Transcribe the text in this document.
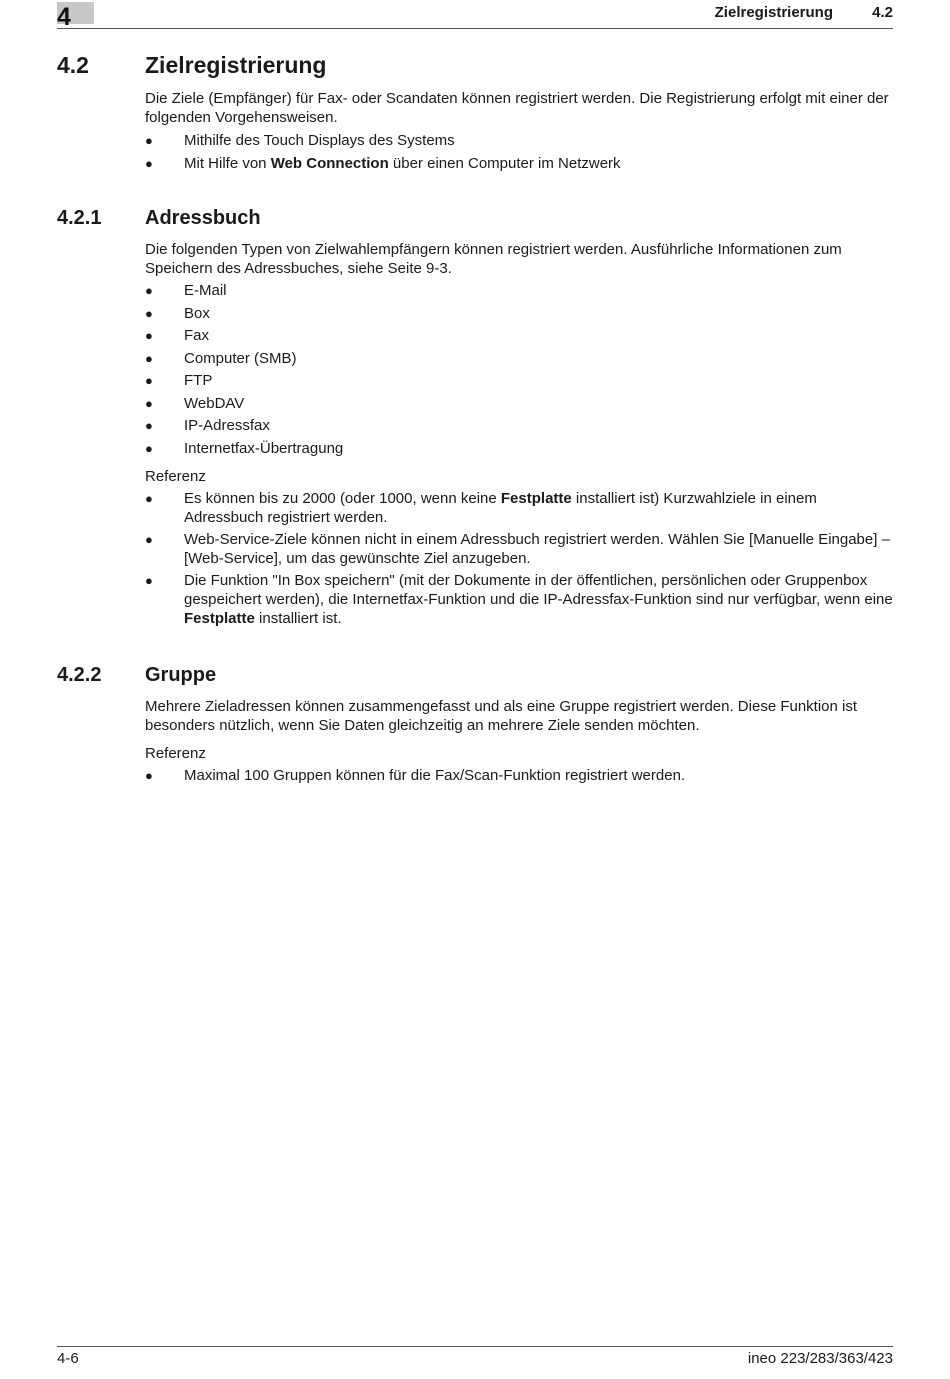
4	Zielregistrierung	4.2
4.2 Zielregistrierung
Die Ziele (Empfänger) für Fax- oder Scandaten können registriert werden. Die Registrierung erfolgt mit einer der folgenden Vorgehensweisen.
● Mithilfe des Touch Displays des Systems
● Mit Hilfe von Web Connection über einen Computer im Netzwerk
4.2.1 Adressbuch
Die folgenden Typen von Zielwahlempfängern können registriert werden. Ausführliche Informationen zum Speichern des Adressbuches, siehe Seite 9-3.
● E-Mail
● Box
● Fax
● Computer (SMB)
● FTP
● WebDAV
● IP-Adressfax
● Internetfax-Übertragung
Referenz
● Es können bis zu 2000 (oder 1000, wenn keine Festplatte installiert ist) Kurzwahlziele in einem Adressbuch registriert werden.
● Web-Service-Ziele können nicht in einem Adressbuch registriert werden. Wählen Sie [Manuelle Eingabe] – [Web-Service], um das gewünschte Ziel anzugeben.
● Die Funktion "In Box speichern" (mit der Dokumente in der öffentlichen, persönlichen oder Gruppenbox gespeichert werden), die Internetfax-Funktion und die IP-Adressfax-Funktion sind nur verfügbar, wenn eine Festplatte installiert ist.
4.2.2 Gruppe
Mehrere Zieladressen können zusammengefasst und als eine Gruppe registriert werden. Diese Funktion ist besonders nützlich, wenn Sie Daten gleichzeitig an mehrere Ziele senden möchten.
Referenz
● Maximal 100 Gruppen können für die Fax/Scan-Funktion registriert werden.
4-6	ineo 223/283/363/423
